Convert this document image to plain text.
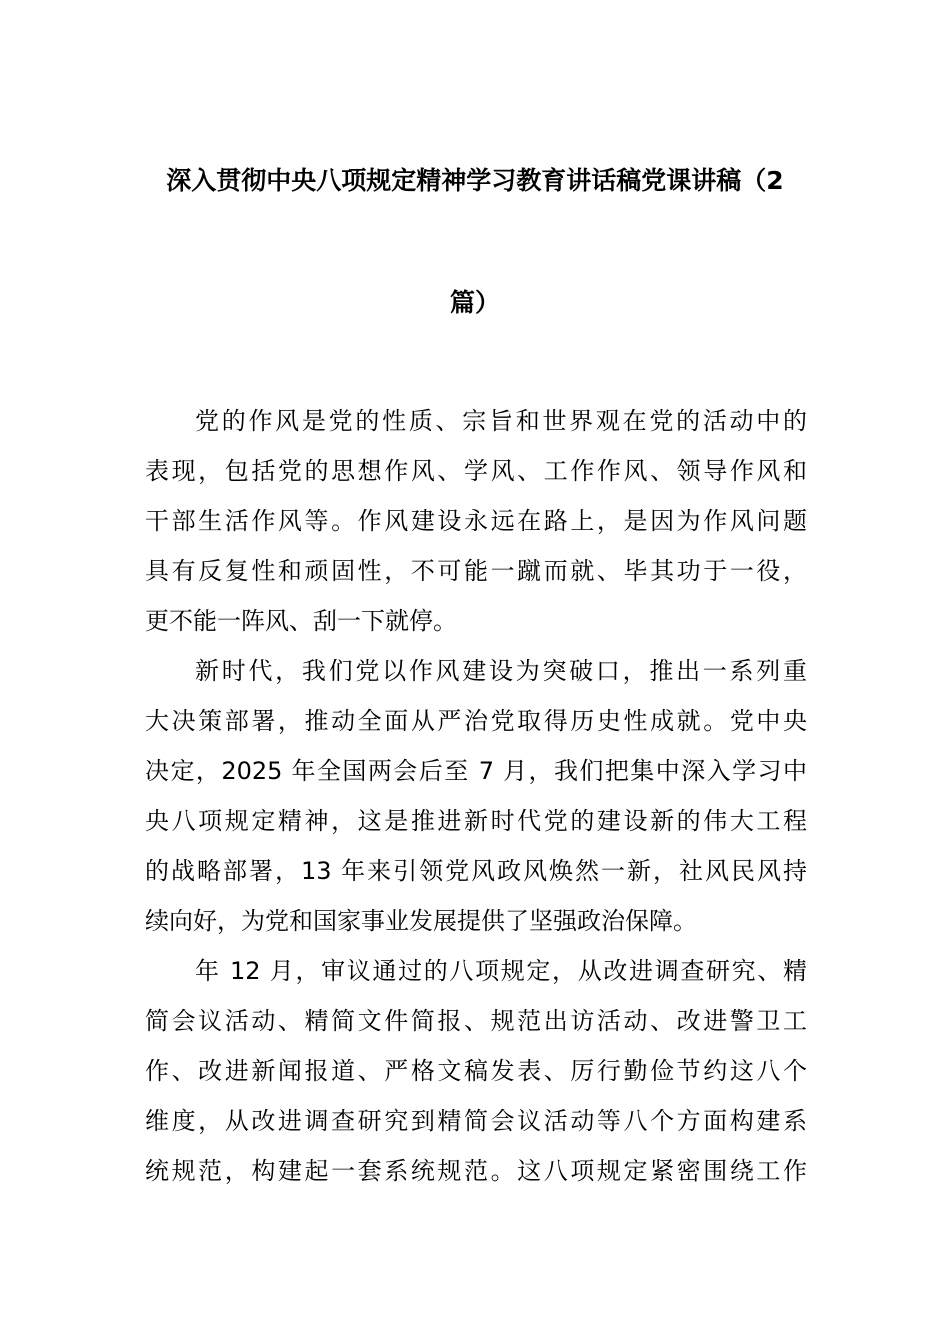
深入贯彻中央八项规定精神学习教育讲话稿党课讲稿（2
篇）
党的作风是党的性质、宗旨和世界观在党的活动中的
表现，包括党的思想作风、学风、工作作风、领导作风和
干部生活作风等。作风建设永远在路上，是因为作风问题
具有反复性和顽固性，不可能一蹴而就、毕其功于一役，
更不能一阵风、刮一下就停。
新时代，我们党以作风建设为突破口，推出一系列重
大决策部署，推动全面从严治党取得历史性成就。党中央
决定，2025 年全国两会后至 7 月，我们把集中深入学习中
央八项规定精神，这是推进新时代党的建设新的伟大工程
的战略部署，13 年来引领党风政风焕然一新，社风民风持
续向好，为党和国家事业发展提供了坚强政治保障。
年 12 月，审议通过的八项规定，从改进调查研究、精
简会议活动、精简文件简报、规范出访活动、改进警卫工
作、改进新闻报道、严格文稿发表、厉行勤俭节约这八个
维度，从改进调查研究到精简会议活动等八个方面构建系
统规范，构建起一套系统规范。这八项规定紧密围绕工作
